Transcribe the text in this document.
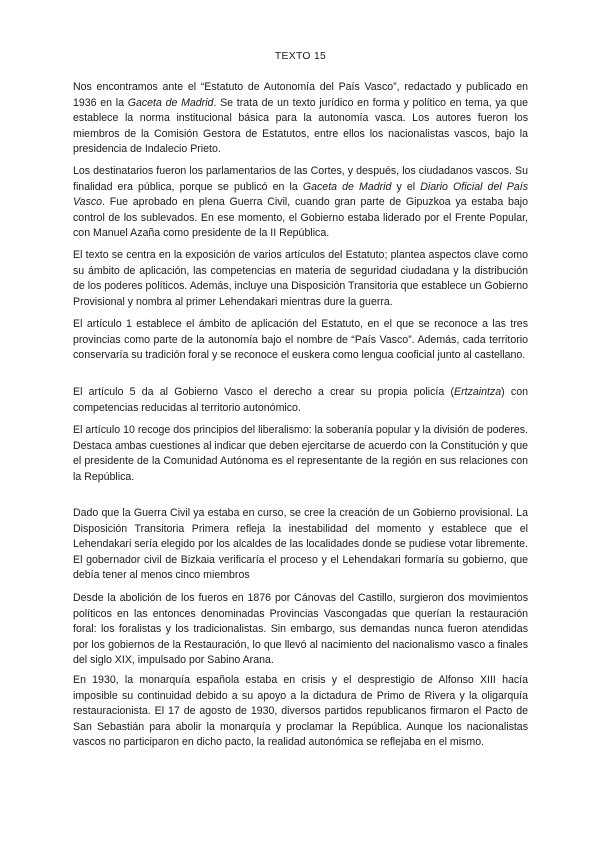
TEXTO 15

Nos encontramos ante el “Estatuto de Autonomía del País Vasco”, redactado y publicado en 1936 en la Gaceta de Madrid. Se trata de un texto jurídico en forma y político en tema, ya que establece la norma institucional básica para la autonomía vasca. Los autores fueron los miembros de la Comisión Gestora de Estatutos, entre ellos los nacionalistas vascos, bajo la presidencia de Indalecio Prieto.

Los destinatarios fueron los parlamentarios de las Cortes, y después, los ciudadanos vascos. Su finalidad era pública, porque se publicó en la Gaceta de Madrid y el Diario Oficial del País Vasco. Fue aprobado en plena Guerra Civil, cuando gran parte de Gipuzkoa ya estaba bajo control de los sublevados. En ese momento, el Gobierno estaba liderado por el Frente Popular, con Manuel Azaña como presidente de la II República.

El texto se centra en la exposición de varios artículos del Estatuto; plantea aspectos clave como su ámbito de aplicación, las competencias en materia de seguridad ciudadana y la distribución de los poderes políticos. Además, incluye una Disposición Transitoria que establece un Gobierno Provisional y nombra al primer Lehendakari mientras dure la guerra.

El artículo 1 establece el ámbito de aplicación del Estatuto, en el que se reconoce a las tres provincias como parte de la autonomía bajo el nombre de “País Vasco”. Además, cada territorio conservaría su tradición foral y se reconoce el euskera como lengua cooficial junto al castellano.

El artículo 5 da al Gobierno Vasco el derecho a crear su propia policía (Ertzaintza) con competencias reducidas al territorio autonómico.

El artículo 10 recoge dos principios del liberalismo: la soberanía popular y la división de poderes. Destaca ambas cuestiones al indicar que deben ejercitarse de acuerdo con la Constitución y que el presidente de la Comunidad Autónoma es el representante de la región en sus relaciones con la República.

Dado que la Guerra Civil ya estaba en curso, se cree la creación de un Gobierno provisional. La Disposición Transitoria Primera refleja la inestabilidad del momento y establece que el Lehendakari sería elegido por los alcaldes de las localidades donde se pudiese votar libremente. El gobernador civil de Bizkaia verificaría el proceso y el Lehendakari formaría su gobierno, que debía tener al menos cinco miembros

Desde la abolición de los fueros en 1876 por Cánovas del Castillo, surgieron dos movimientos políticos en las entonces denominadas Provincias Vascongadas que querían la restauración foral: los foralistas y los tradicionalistas. Sin embargo, sus demandas nunca fueron atendidas por los gobiernos de la Restauración, lo que llevó al nacimiento del nacionalismo vasco a finales del siglo XIX, impulsado por Sabino Arana.

En 1930, la monarquía española estaba en crisis y el desprestigio de Alfonso XIII hacía imposible su continuidad debido a su apoyo a la dictadura de Primo de Rivera y la oligarquía restauracionista. El 17 de agosto de 1930, diversos partidos republicanos firmaron el Pacto de San Sebastián para abolir la monarquía y proclamar la República. Aunque los nacionalistas vascos no participaron en dicho pacto, la realidad autonómica se reflejaba en el mismo.
